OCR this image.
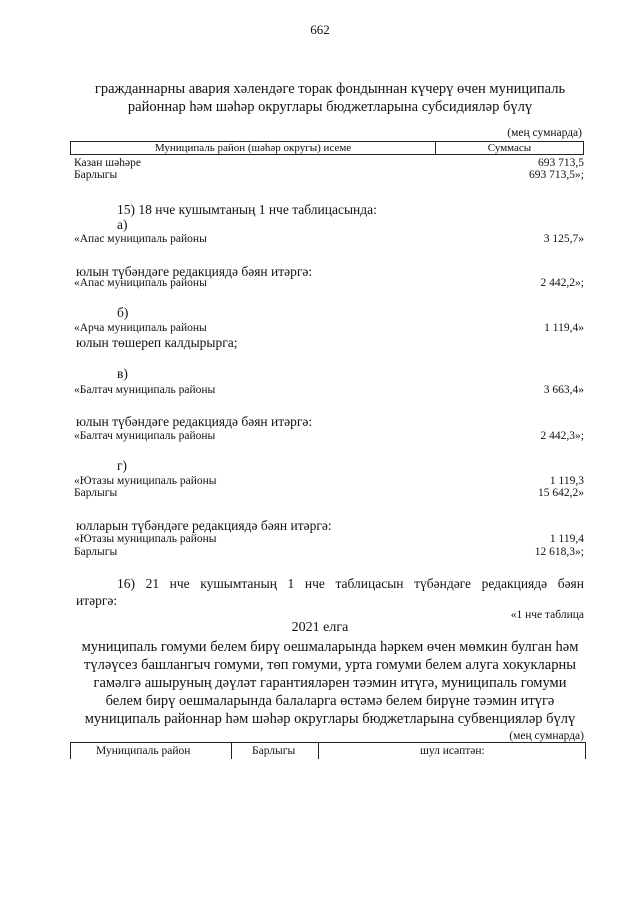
662
гражданнарны авария хәлендәге торак фондыннан күчерү өчен муниципаль
районнар һәм шәһәр округлары бюджетларына субсидияләр бүлү
(мең сумнарда)
Муниципаль район (шәһәр округы) исеме	Суммасы
Казан шәһәре	693 713,5
Барлыгы	693 713,5»;
15) 18 нче кушымтаның 1 нче таблицасында:
а)
«Апас муниципаль районы	3 125,7»
юлын түбәндәге редакциядә бәян итәргә:
«Апас муниципаль районы	2 442,2»;
б)
«Арча муниципаль районы	1 119,4»
юлын төшереп калдырырга;
в)
«Балтач муниципаль районы	3 663,4»
юлын түбәндәге редакциядә бәян итәргә:
«Балтач муниципаль районы	2 442,3»;
г)
«Ютазы муниципаль районы	1 119,3
Барлыгы	15 642,2»
юлларын түбәндәге редакциядә бәян итәргә:
«Ютазы муниципаль районы	1 119,4
Барлыгы	12 618,3»;
16) 21 нче кушымтаның 1 нче таблицасын түбәндәге редакциядә бәян
итәргә:
«1 нче таблица
2021 елга
муниципаль гомуми белем бирү оешмаларында һәркем өчен мөмкин булган һәм
түләүсез башлангыч гомуми, төп гомуми, урта гомуми белем алуга хокукларны
гамәлгә ашыруның дәүләт гарантияләрен тәэмин итүгә, муниципаль гомуми
белем бирү оешмаларында балаларга өстәмә белем бирүне тәэмин итүгә
муниципаль районнар һәм шәһәр округлары бюджетларына субвенцияләр бүлү
(мең сумнарда)
Муниципаль район	Барлыгы	шул исәптән:
